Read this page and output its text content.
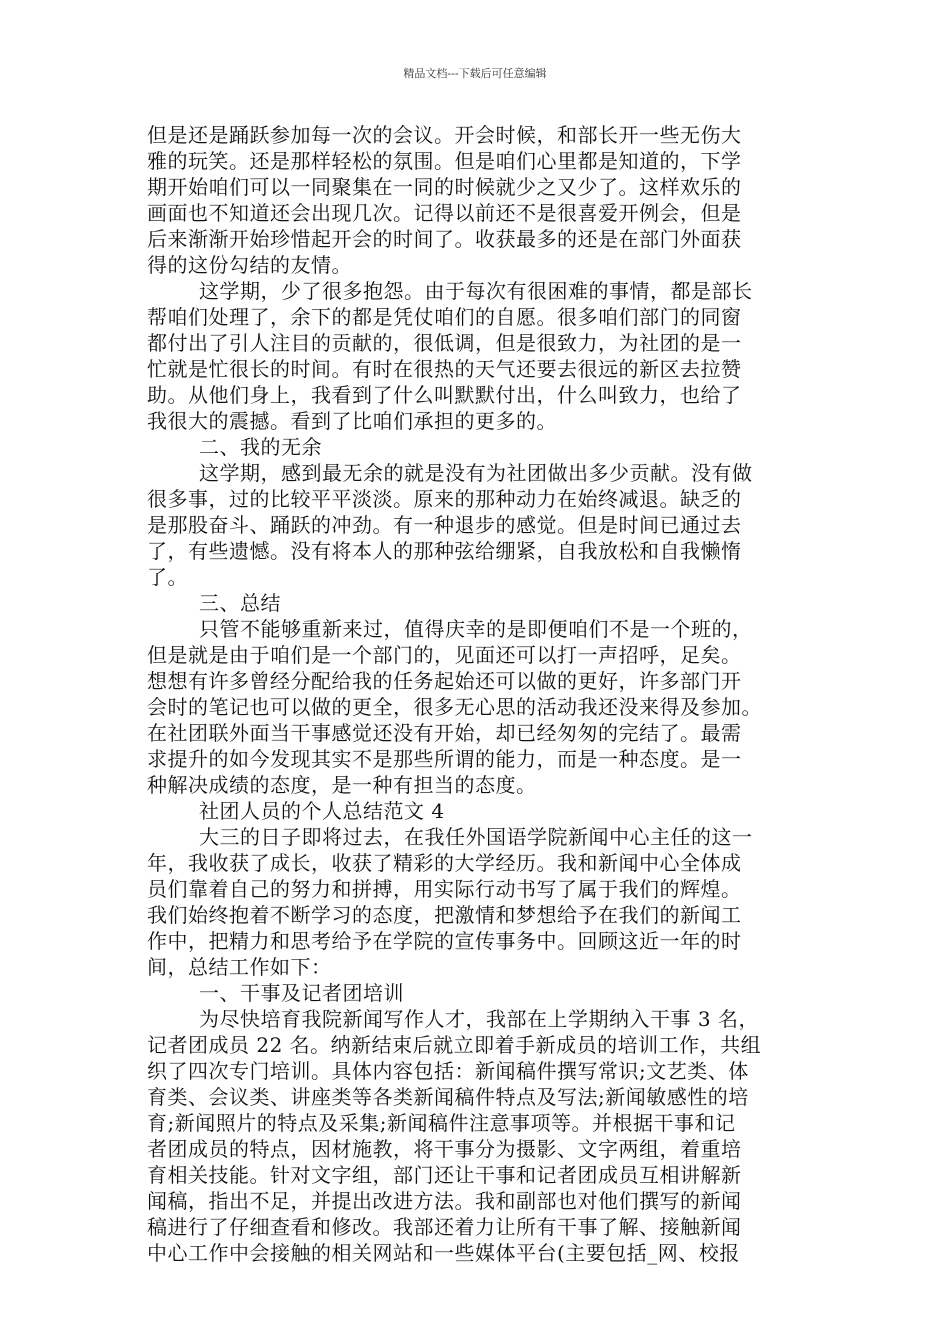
精品文档---下载后可任意编辑
但是还是踊跃参加每一次的会议。开会时候，和部长开一些无伤大
雅的玩笑。还是那样轻松的氛围。但是咱们心里都是知道的，下学
期开始咱们可以一同聚集在一同的时候就少之又少了。这样欢乐的
画面也不知道还会出现几次。记得以前还不是很喜爱开例会，但是
后来渐渐开始珍惜起开会的时间了。收获最多的还是在部门外面获
得的这份勾结的友情。
这学期，少了很多抱怨。由于每次有很困难的事情，都是部长
帮咱们处理了，余下的都是凭仗咱们的自愿。很多咱们部门的同窗
都付出了引人注目的贡献的，很低调，但是很致力，为社团的是一
忙就是忙很长的时间。有时在很热的天气还要去很远的新区去拉赞
助。从他们身上，我看到了什么叫默默付出，什么叫致力，也给了
我很大的震撼。看到了比咱们承担的更多的。
二、我的无余
这学期，感到最无余的就是没有为社团做出多少贡献。没有做
很多事，过的比较平平淡淡。原来的那种动力在始终减退。缺乏的
是那股奋斗、踊跃的冲劲。有一种退步的感觉。但是时间已通过去
了，有些遗憾。没有将本人的那种弦给绷紧，自我放松和自我懒惰
了。
三、总结
只管不能够重新来过，值得庆幸的是即便咱们不是一个班的，
但是就是由于咱们是一个部门的，见面还可以打一声招呼，足矣。
想想有许多曾经分配给我的任务起始还可以做的更好，许多部门开
会时的笔记也可以做的更全，很多无心思的活动我还没来得及参加。
在社团联外面当干事感觉还没有开始，却已经匆匆的完结了。最需
求提升的如今发现其实不是那些所谓的能力，而是一种态度。是一
种解决成绩的态度，是一种有担当的态度。
社团人员的个人总结范文 4
大三的日子即将过去，在我任外国语学院新闻中心主任的这一
年，我收获了成长，收获了精彩的大学经历。我和新闻中心全体成
员们靠着自己的努力和拼搏，用实际行动书写了属于我们的辉煌。
我们始终抱着不断学习的态度，把激情和梦想给予在我们的新闻工
作中，把精力和思考给予在学院的宣传事务中。回顾这近一年的时
间，总结工作如下：
一、干事及记者团培训
为尽快培育我院新闻写作人才，我部在上学期纳入干事 3 名，
记者团成员 22 名。纳新结束后就立即着手新成员的培训工作，共组
织了四次专门培训。具体内容包括：新闻稿件撰写常识;文艺类、体
育类、会议类、讲座类等各类新闻稿件特点及写法;新闻敏感性的培
育;新闻照片的特点及采集;新闻稿件注意事项等。并根据干事和记
者团成员的特点，因材施教，将干事分为摄影、文字两组，着重培
育相关技能。针对文字组，部门还让干事和记者团成员互相讲解新
闻稿，指出不足，并提出改进方法。我和副部也对他们撰写的新闻
稿进行了仔细查看和修改。我部还着力让所有干事了解、接触新闻
中心工作中会接触的相关网站和一些媒体平台(主要包括_网、校报
